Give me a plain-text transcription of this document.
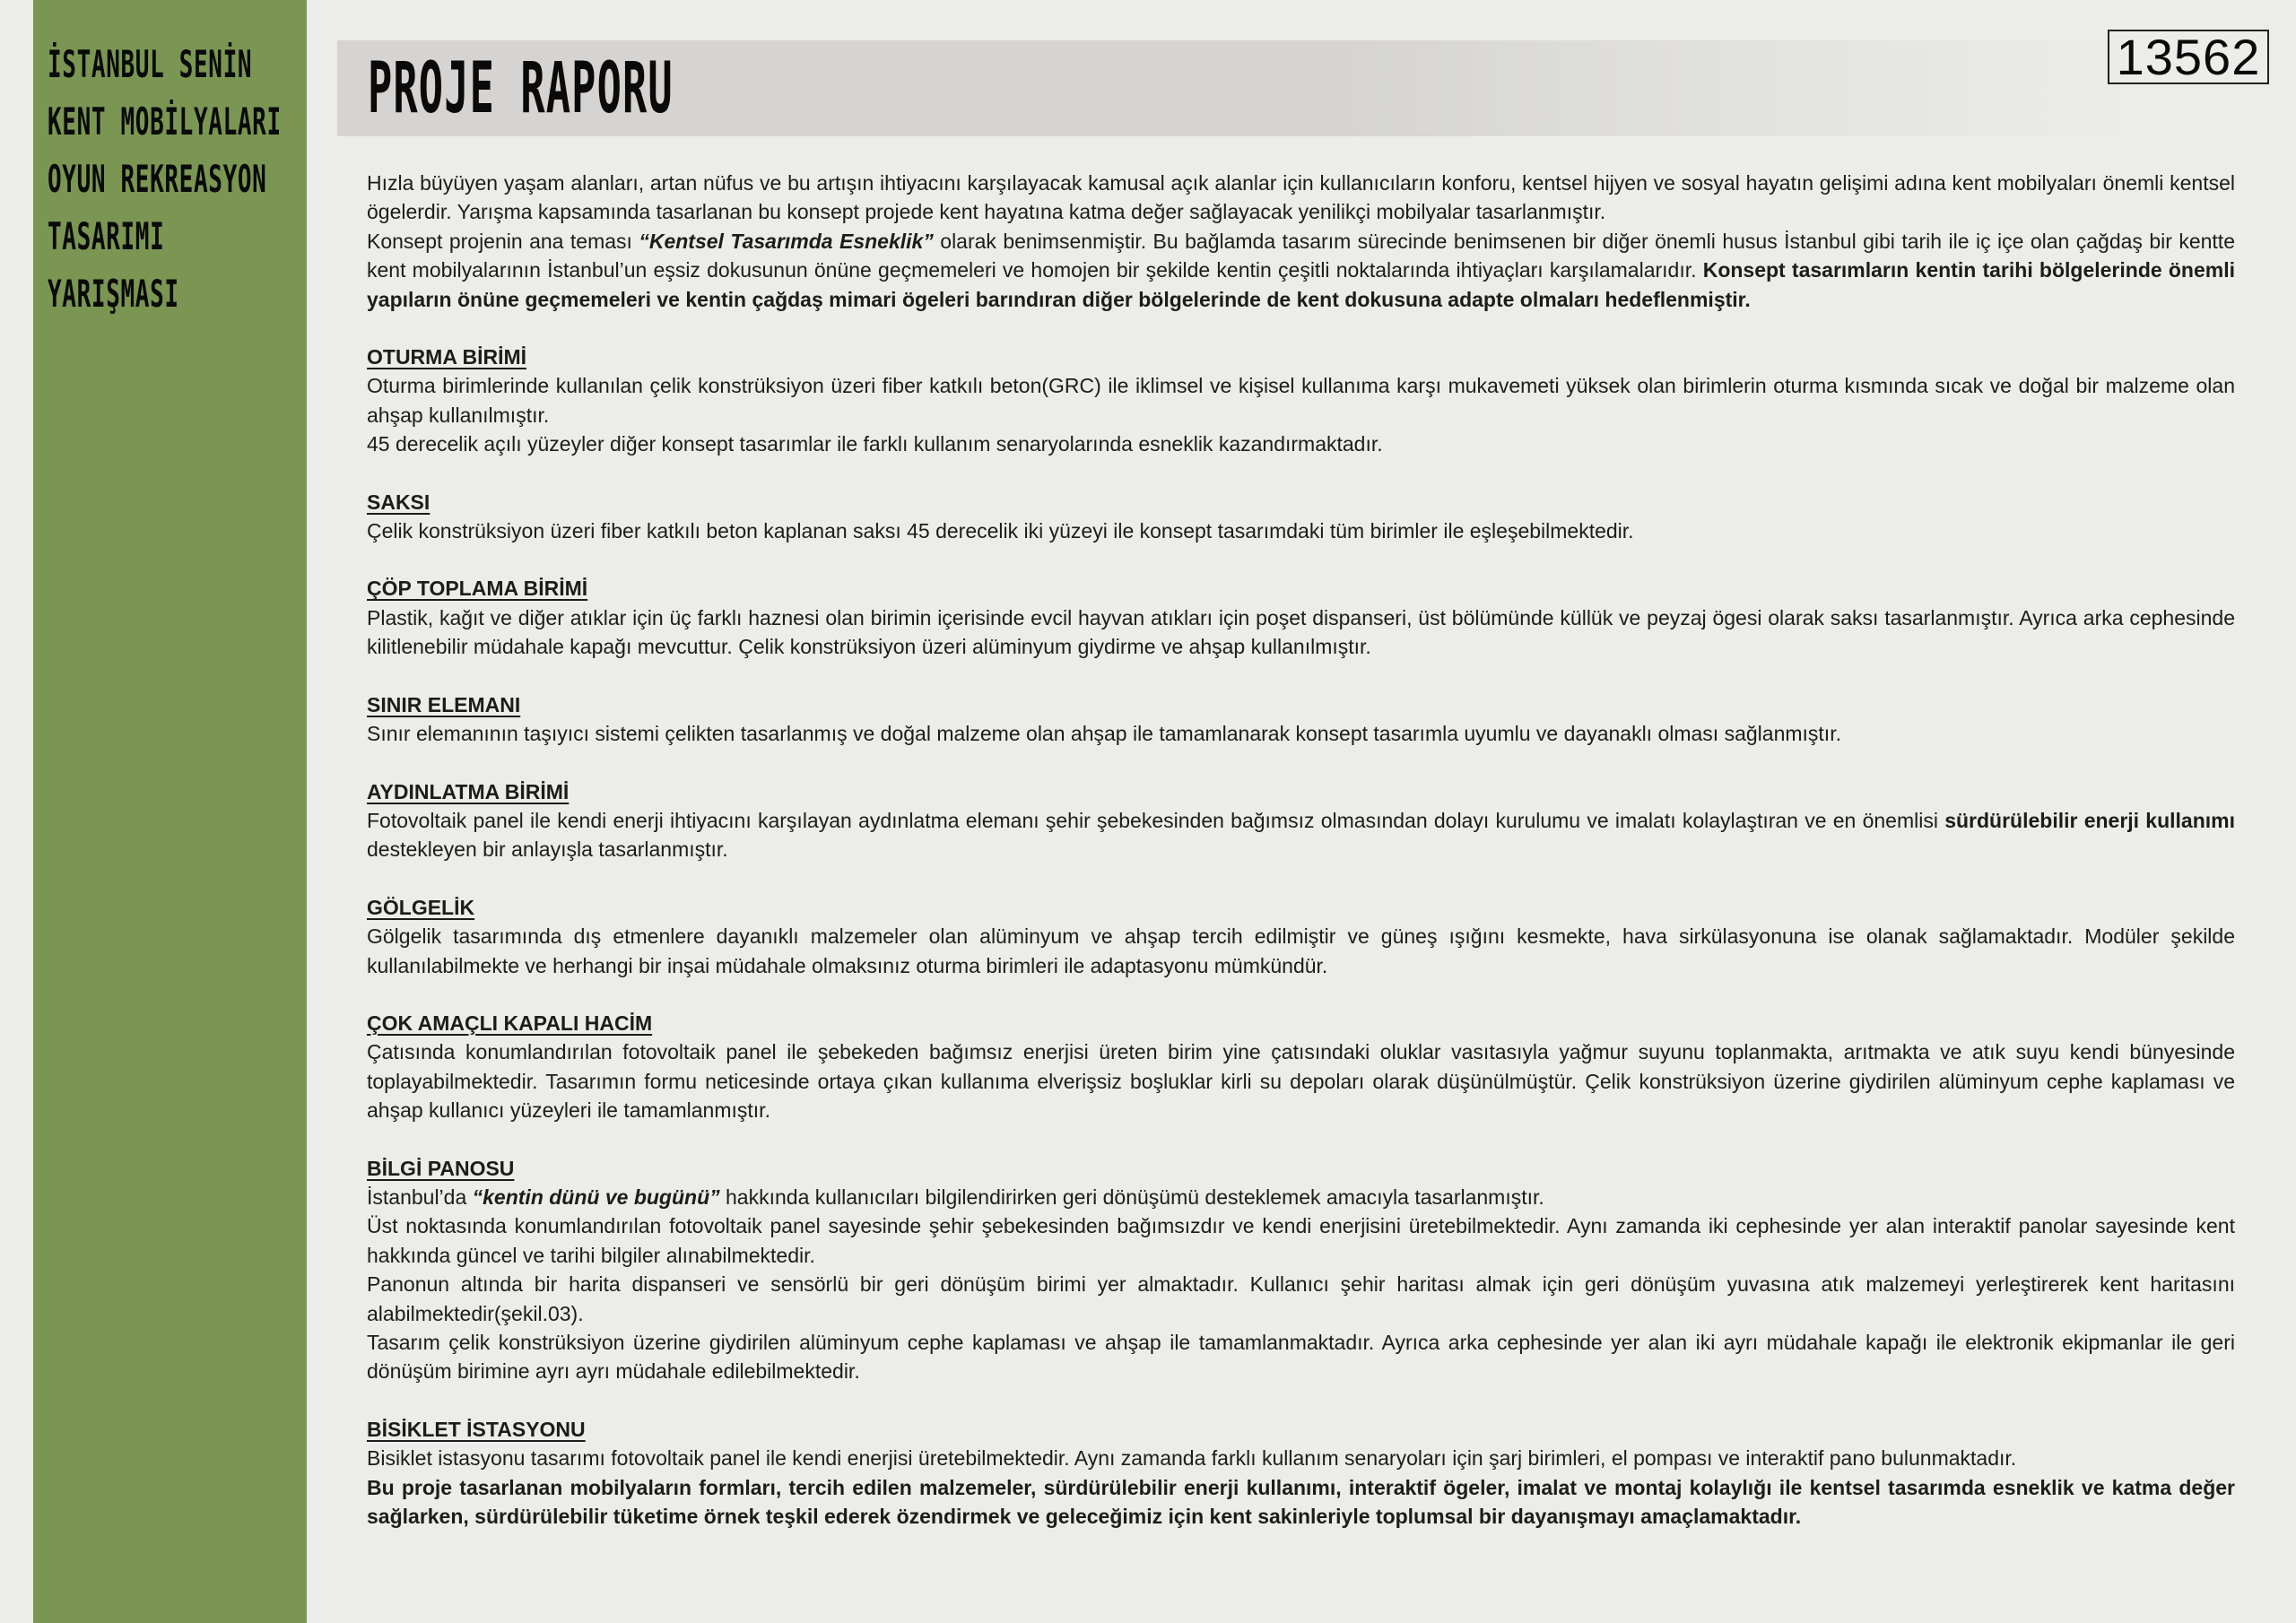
İSTANBUL SENİN
KENT MOBİLYALARI
OYUN REKREASYON
TASARIMI
YARIŞMASI
PROJE RAPORU	13562

Hızla büyüyen yaşam alanları, artan nüfus ve bu artışın ihtiyacını karşılayacak kamusal açık alanlar için kullanıcıların konforu, kentsel hijyen ve sosyal hayatın gelişimi adına kent mobilyaları önemli kentsel ögelerdir. Yarışma kapsamında tasarlanan bu konsept projede kent hayatına katma değer sağlayacak yenilikçi mobilyalar tasarlanmıştır.

Konsept projenin ana teması “Kentsel Tasarımda Esneklik” olarak benimsenmiştir. Bu bağlamda tasarım sürecinde benimsenen bir diğer önemli husus İstanbul gibi tarih ile iç içe olan çağdaş bir kentte kent mobilyalarının İstanbul’un eşsiz dokusunun önüne geçmemeleri ve homojen bir şekilde kentin çeşitli noktalarında ihtiyaçları karşılamalarıdır. Konsept tasarımların kentin tarihi bölgelerinde önemli yapıların önüne geçmemeleri ve kentin çağdaş mimari ögeleri barındıran diğer bölgelerinde de kent dokusuna adapte olmaları hedeflenmiştir.

OTURMA BİRİMİ

Oturma birimlerinde kullanılan çelik konstrüksiyon üzeri fiber katkılı beton(GRC) ile iklimsel ve kişisel kullanıma karşı mukavemeti yüksek olan birimlerin oturma kısmında sıcak ve doğal bir malzeme olan ahşap kullanılmıştır.

45 derecelik açılı yüzeyler diğer konsept tasarımlar ile farklı kullanım senaryolarında esneklik kazandırmaktadır.

SAKSI

Çelik konstrüksiyon üzeri fiber katkılı beton kaplanan saksı 45 derecelik iki yüzeyi ile konsept tasarımdaki tüm birimler ile eşleşebilmektedir.

ÇÖP TOPLAMA BİRİMİ

Plastik, kağıt ve diğer atıklar için üç farklı haznesi olan birimin içerisinde evcil hayvan atıkları için poşet dispanseri, üst bölümünde küllük ve peyzaj ögesi olarak saksı tasarlanmıştır. Ayrıca arka cephesinde kilitlenebilir müdahale kapağı mevcuttur. Çelik konstrüksiyon üzeri alüminyum giydirme ve ahşap kullanılmıştır.

SINIR ELEMANI

Sınır elemanının taşıyıcı sistemi çelikten tasarlanmış ve doğal malzeme olan ahşap ile tamamlanarak konsept tasarımla uyumlu ve dayanaklı olması sağlanmıştır.

AYDINLATMA BİRİMİ

Fotovoltaik panel ile kendi enerji ihtiyacını karşılayan aydınlatma elemanı şehir şebekesinden bağımsız olmasından dolayı kurulumu ve imalatı kolaylaştıran ve en önemlisi sürdürülebilir enerji kullanımı destekleyen bir anlayışla tasarlanmıştır.

GÖLGELİK

Gölgelik tasarımında dış etmenlere dayanıklı malzemeler olan alüminyum ve ahşap tercih edilmiştir ve güneş ışığını kesmekte, hava sirkülasyonuna ise olanak sağlamaktadır. Modüler şekilde kullanılabilmekte ve herhangi bir inşai müdahale olmaksınız oturma birimleri ile adaptasyonu mümkündür.

ÇOK AMAÇLI KAPALI HACİM

Çatısında konumlandırılan fotovoltaik panel ile şebekeden bağımsız enerjisi üreten birim yine çatısındaki oluklar vasıtasıyla yağmur suyunu toplanmakta, arıtmakta ve atık suyu kendi bünyesinde toplayabilmektedir. Tasarımın formu neticesinde ortaya çıkan kullanıma elverişsiz boşluklar kirli su depoları olarak düşünülmüştür. Çelik konstrüksiyon üzerine giydirilen alüminyum cephe kaplaması ve ahşap kullanıcı yüzeyleri ile tamamlanmıştır.

BİLGİ PANOSU

İstanbul’da “kentin dünü ve bugünü” hakkında kullanıcıları bilgilendirirken geri dönüşümü desteklemek amacıyla tasarlanmıştır.

Üst noktasında konumlandırılan fotovoltaik panel sayesinde şehir şebekesinden bağımsızdır ve kendi enerjisini üretebilmektedir. Aynı zamanda iki cephesinde yer alan interaktif panolar sayesinde kent hakkında güncel ve tarihi bilgiler alınabilmektedir.

Panonun altında bir harita dispanseri ve sensörlü bir geri dönüşüm birimi yer almaktadır. Kullanıcı şehir haritası almak için geri dönüşüm yuvasına atık malzemeyi yerleştirerek kent haritasını alabilmektedir(şekil.03).

Tasarım çelik konstrüksiyon üzerine giydirilen alüminyum cephe kaplaması ve ahşap ile tamamlanmaktadır. Ayrıca arka cephesinde yer alan iki ayrı müdahale kapağı ile elektronik ekipmanlar ile geri dönüşüm birimine ayrı ayrı müdahale edilebilmektedir.

BİSİKLET İSTASYONU

Bisiklet istasyonu tasarımı fotovoltaik panel ile kendi enerjisi üretebilmektedir. Aynı zamanda farklı kullanım senaryoları için şarj birimleri, el pompası ve interaktif pano bulunmaktadır.

Bu proje tasarlanan mobilyaların formları, tercih edilen malzemeler, sürdürülebilir enerji kullanımı, interaktif ögeler, imalat ve montaj kolaylığı ile kentsel tasarımda esneklik ve katma değer sağlarken, sürdürülebilir tüketime örnek teşkil ederek özendirmek ve geleceğimiz için kent sakinleriyle toplumsal bir dayanışmayı amaçlamaktadır.
